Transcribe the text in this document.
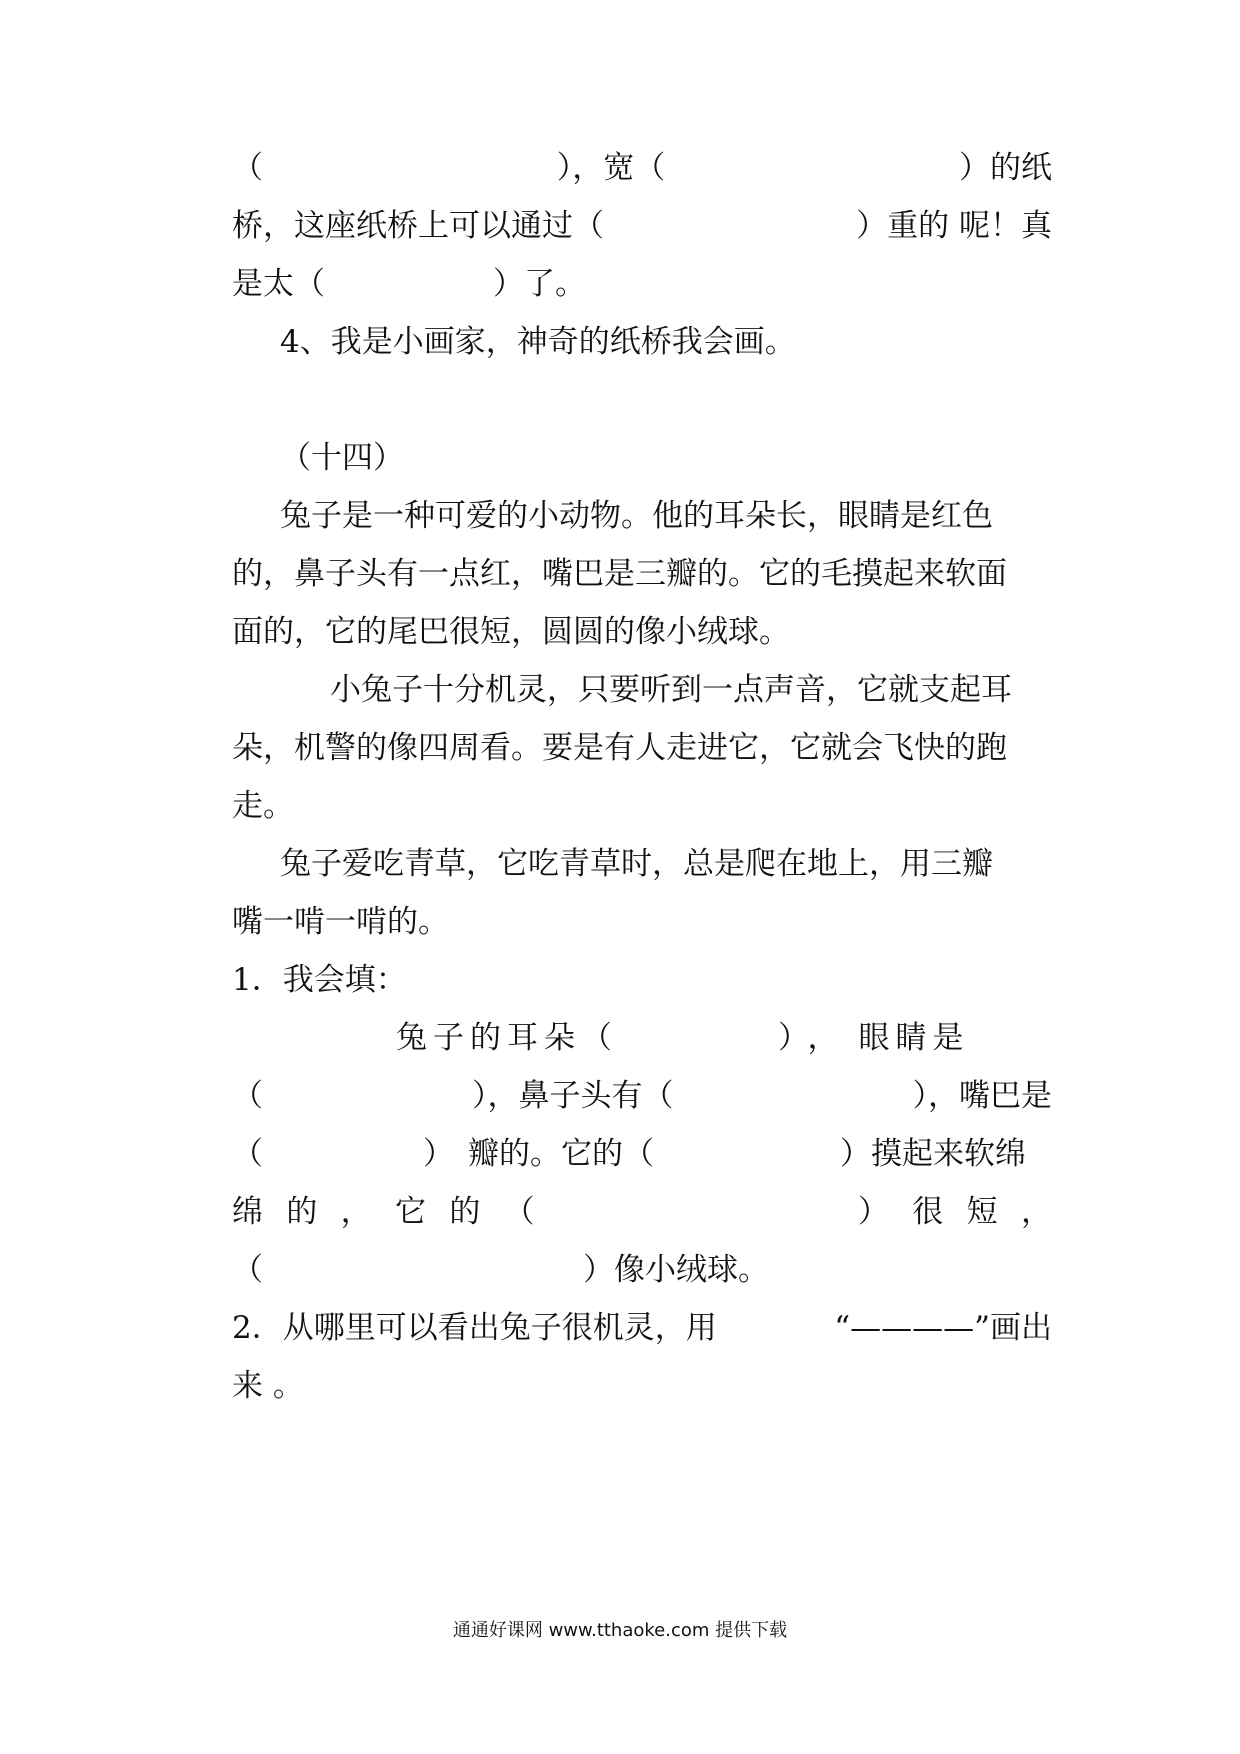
（	），宽（	）的纸
桥，这座纸桥上可以通过（	）重的 呢！真
是太（	）了。
4、我是小画家，神奇的纸桥我会画。
（十四）
兔子是一种可爱的小动物。他的耳朵长，眼睛是红色
的，鼻子头有一点红，嘴巴是三瓣的。它的毛摸起来软面
面的，它的尾巴很短，圆圆的像小绒球。
小兔子十分机灵，只要听到一点声音，它就支起耳
朵，机警的像四周看。要是有人走进它，它就会飞快的跑
走。
兔子爱吃青草，它吃青草时，总是爬在地上，用三瓣
嘴一啃一啃的。
1．我会填：
兔子的耳朵（	）， 眼睛是
（	），鼻子头有（	），嘴巴是
（	） 瓣的。它的（	）摸起来软绵
绵 的 ， 它 的 （	） 很 短 ，
（	）像小绒球。
2．从哪里可以看出兔子很机灵，用	“————”画出
来 。
通通好课网 www.tthaoke.com 提供下载
